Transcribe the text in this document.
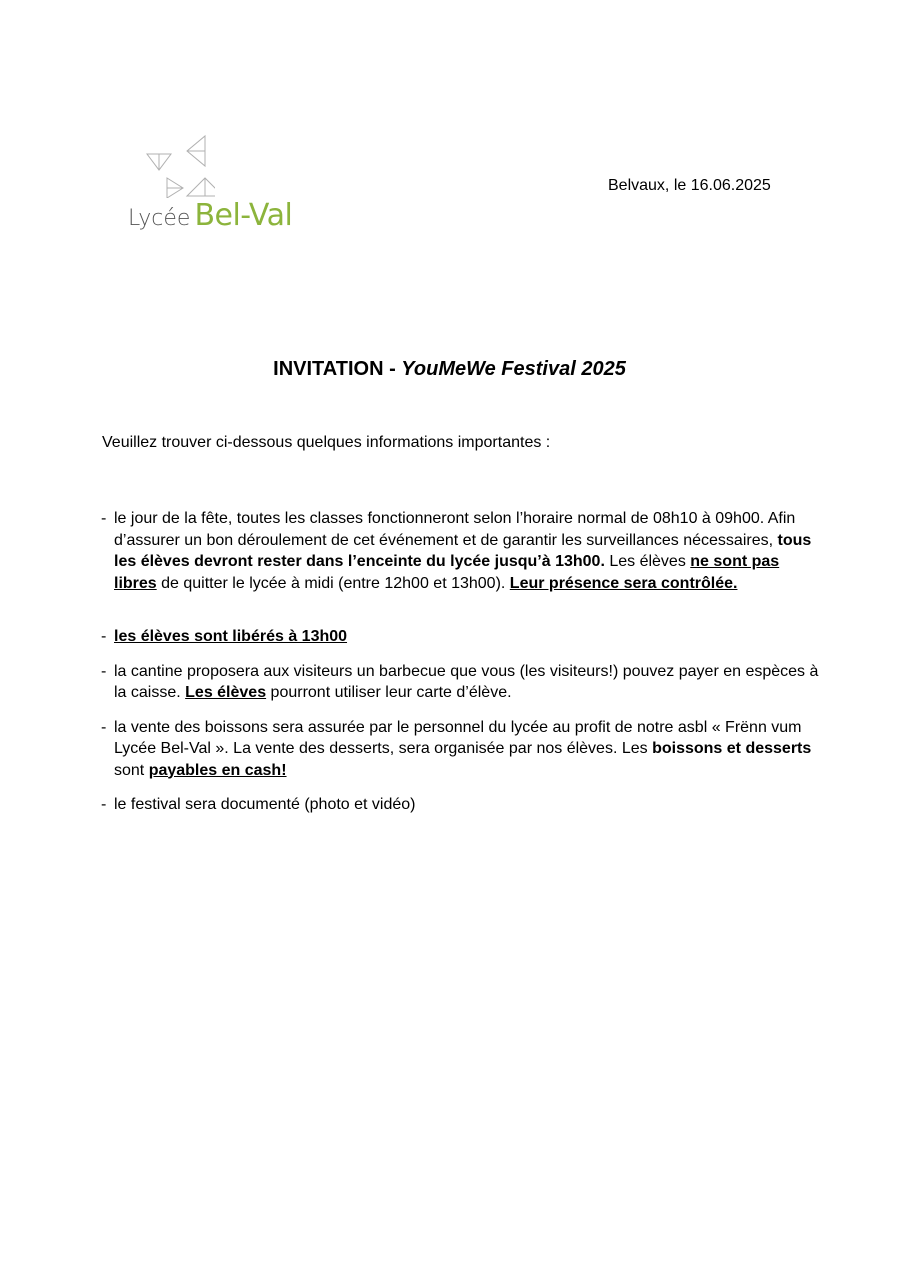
Lycée Bel-Val
Belvaux, le 16.06.2025
INVITATION - YouMeWe Festival 2025
Veuillez trouver ci-dessous quelques informations importantes :
- le jour de la fête, toutes les classes fonctionneront selon l’horaire normal de 08h10 à 09h00. Afin d’assurer un bon déroulement de cet événement et de garantir les surveillances nécessaires, tous les élèves devront rester dans l’enceinte du lycée jusqu’à 13h00. Les élèves ne sont pas libres de quitter le lycée à midi (entre 12h00 et 13h00). Leur présence sera contrôlée.

- les élèves sont libérés à 13h00

- la cantine proposera aux visiteurs un barbecue que vous (les visiteurs!) pouvez payer en espèces à la caisse. Les élèves pourront utiliser leur carte d’élève.

- la vente des boissons sera assurée par le personnel du lycée au profit de notre asbl « Frënn vum Lycée Bel-Val ». La vente des desserts, sera organisée par nos élèves. Les boissons et desserts sont payables en cash!

- le festival sera documenté (photo et vidéo)
